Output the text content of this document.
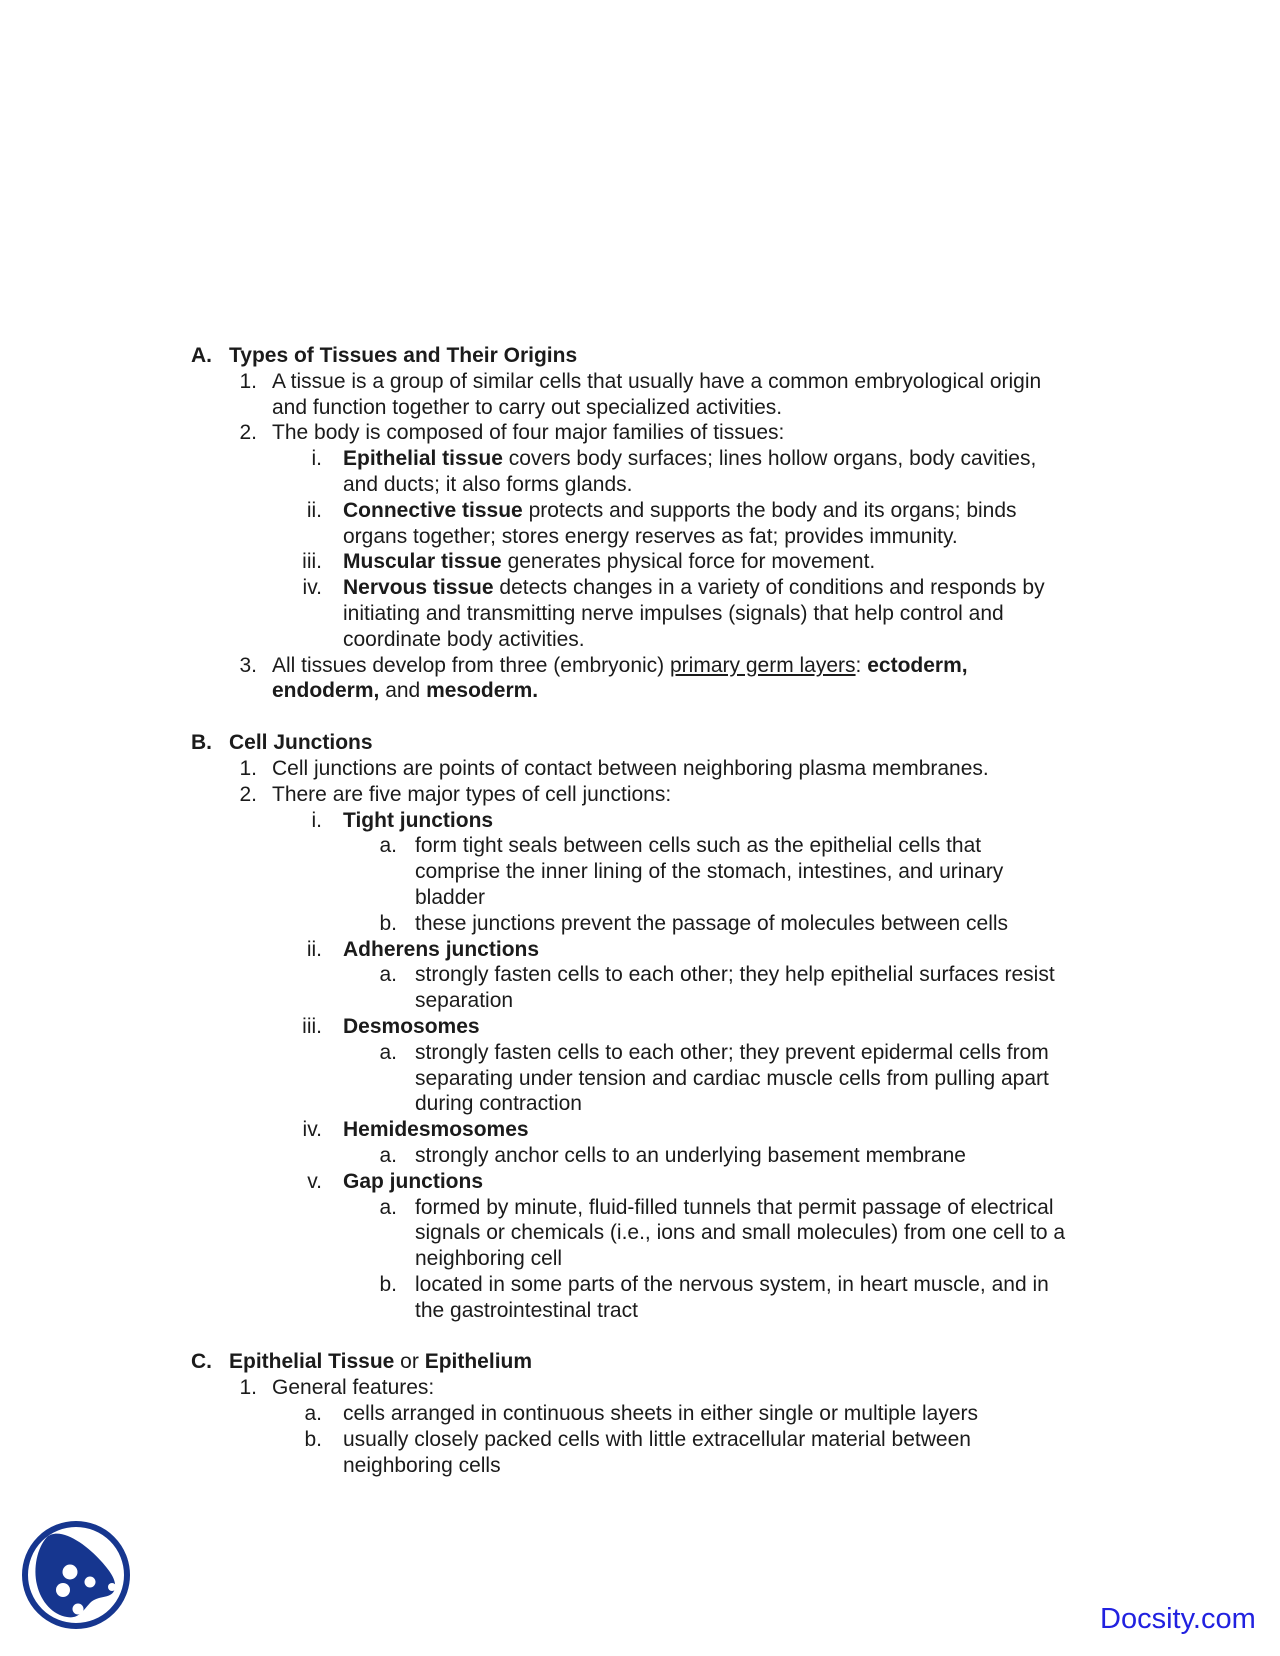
A. Types of Tissues and Their Origins
1. A tissue is a group of similar cells that usually have a common embryological origin and function together to carry out specialized activities.
2. The body is composed of four major families of tissues:
i.	Epithelial tissue covers body surfaces; lines hollow organs, body cavities, and ducts; it also forms glands.
ii.	Connective tissue protects and supports the body and its organs; binds organs together; stores energy reserves as fat; provides immunity.
iii.	Muscular tissue generates physical force for movement.
iv.	Nervous tissue detects changes in a variety of conditions and responds by initiating and transmitting nerve impulses (signals) that help control and coordinate body activities.
3. All tissues develop from three (embryonic) primary germ layers: ectoderm, endoderm, and mesoderm.
B. Cell Junctions
1. Cell junctions are points of contact between neighboring plasma membranes.
2. There are five major types of cell junctions:
i.	Tight junctions
a. form tight seals between cells such as the epithelial cells that comprise the inner lining of the stomach, intestines, and urinary bladder
b. these junctions prevent the passage of molecules between cells
ii.	Adherens junctions
a. strongly fasten cells to each other; they help epithelial surfaces resist separation
iii.	Desmosomes
a. strongly fasten cells to each other; they prevent epidermal cells from separating under tension and cardiac muscle cells from pulling apart during contraction
iv.	Hemidesmosomes
a. strongly anchor cells to an underlying basement membrane
v.	Gap junctions
a. formed by minute, fluid-filled tunnels that permit passage of electrical signals or chemicals (i.e., ions and small molecules) from one cell to a neighboring cell
b. located in some parts of the nervous system, in heart muscle, and in the gastrointestinal tract
C. Epithelial Tissue or Epithelium
1. General features:
a.	cells arranged in continuous sheets in either single or multiple layers
b.	usually closely packed cells with little extracellular material between neighboring cells
Docsity.com
